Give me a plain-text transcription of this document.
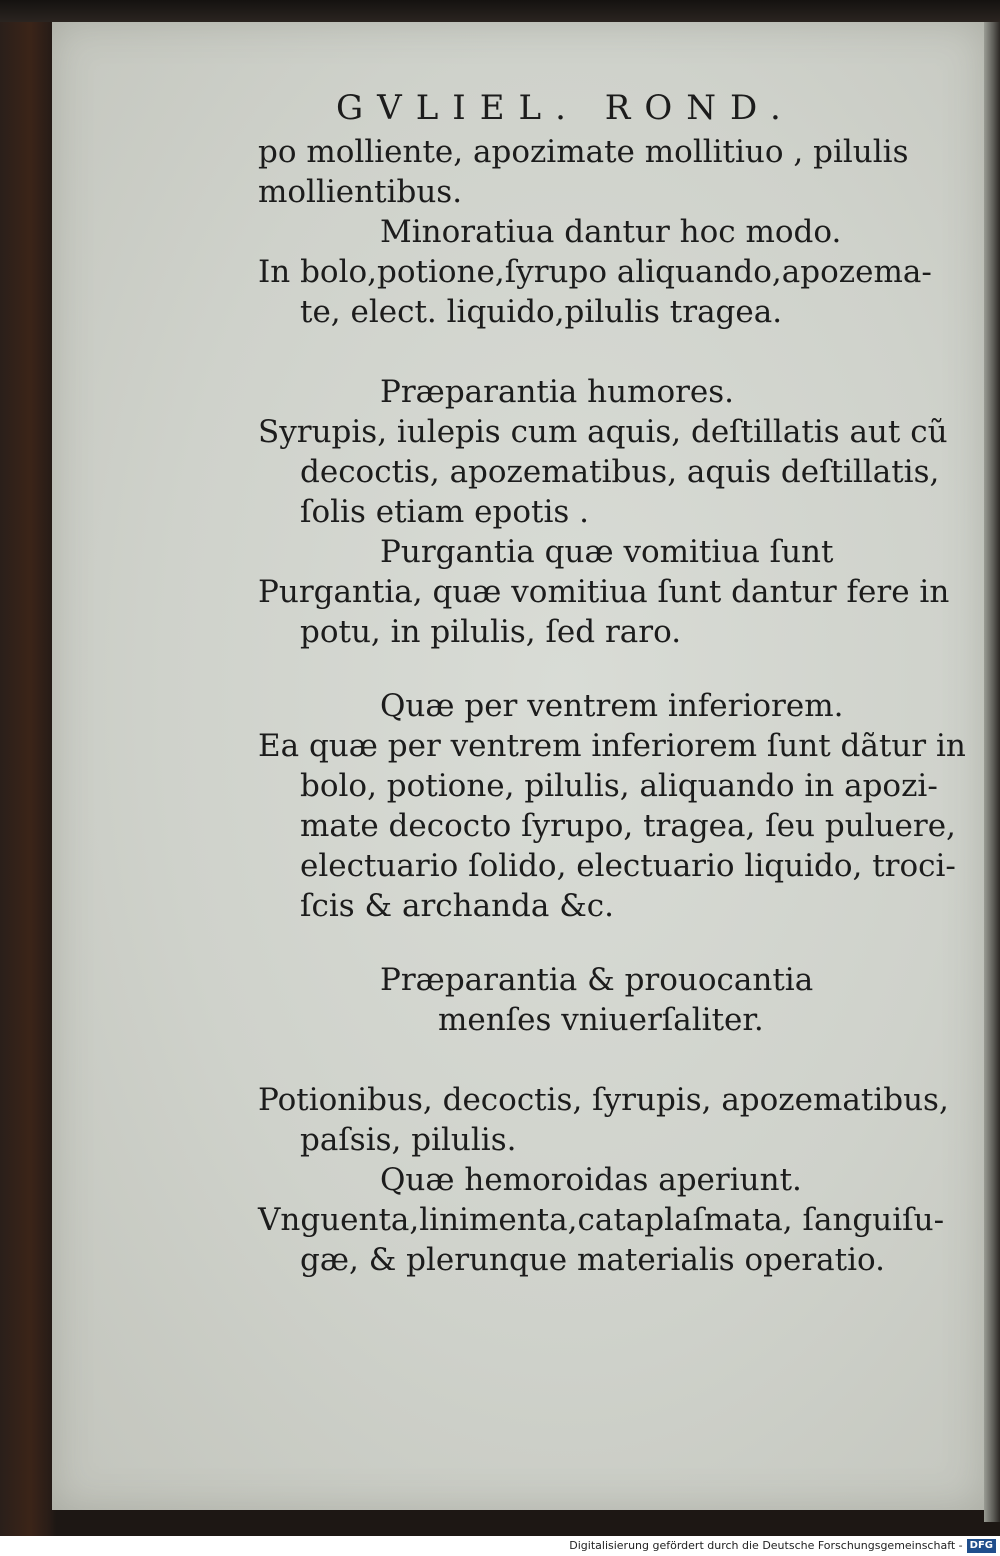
GVLIEL. ROND.
po molliente, apozimate mollitiuo , pilulis
mollientibus.
Minoratiua dantur hoc modo.
In bolo,potione,ſyrupo aliquando,apozema-
te, elect. liquido,pilulis tragea.
Præparantia humores.
Syrupis, iulepis cum aquis, deſtillatis aut cũ
decoctis, apozematibus, aquis deſtillatis,
ſolis etiam epotis .
Purgantia quæ vomitiua ſunt
Purgantia, quæ vomitiua ſunt dantur fere in
potu, in pilulis, ſed raro.
Quæ per ventrem inferiorem.
Ea quæ per ventrem inferiorem ſunt dãtur in
bolo, potione, pilulis, aliquando in apozi-
mate decocto ſyrupo, tragea, ſeu puluere,
electuario ſolido, electuario liquido, troci-
ſcis & archanda &c.
Præparantia & prouocantia
menſes vniuerſaliter.
Potionibus, decoctis, ſyrupis, apozematibus,
paſsis, pilulis.
Quæ hemoroidas aperiunt.
Vnguenta,linimenta,cataplaſmata, ſanguiſu-
gæ, & plerunque materialis operatio.
Digitalisierung gefördert durch die Deutsche Forschungsgemeinschaft - DFG
